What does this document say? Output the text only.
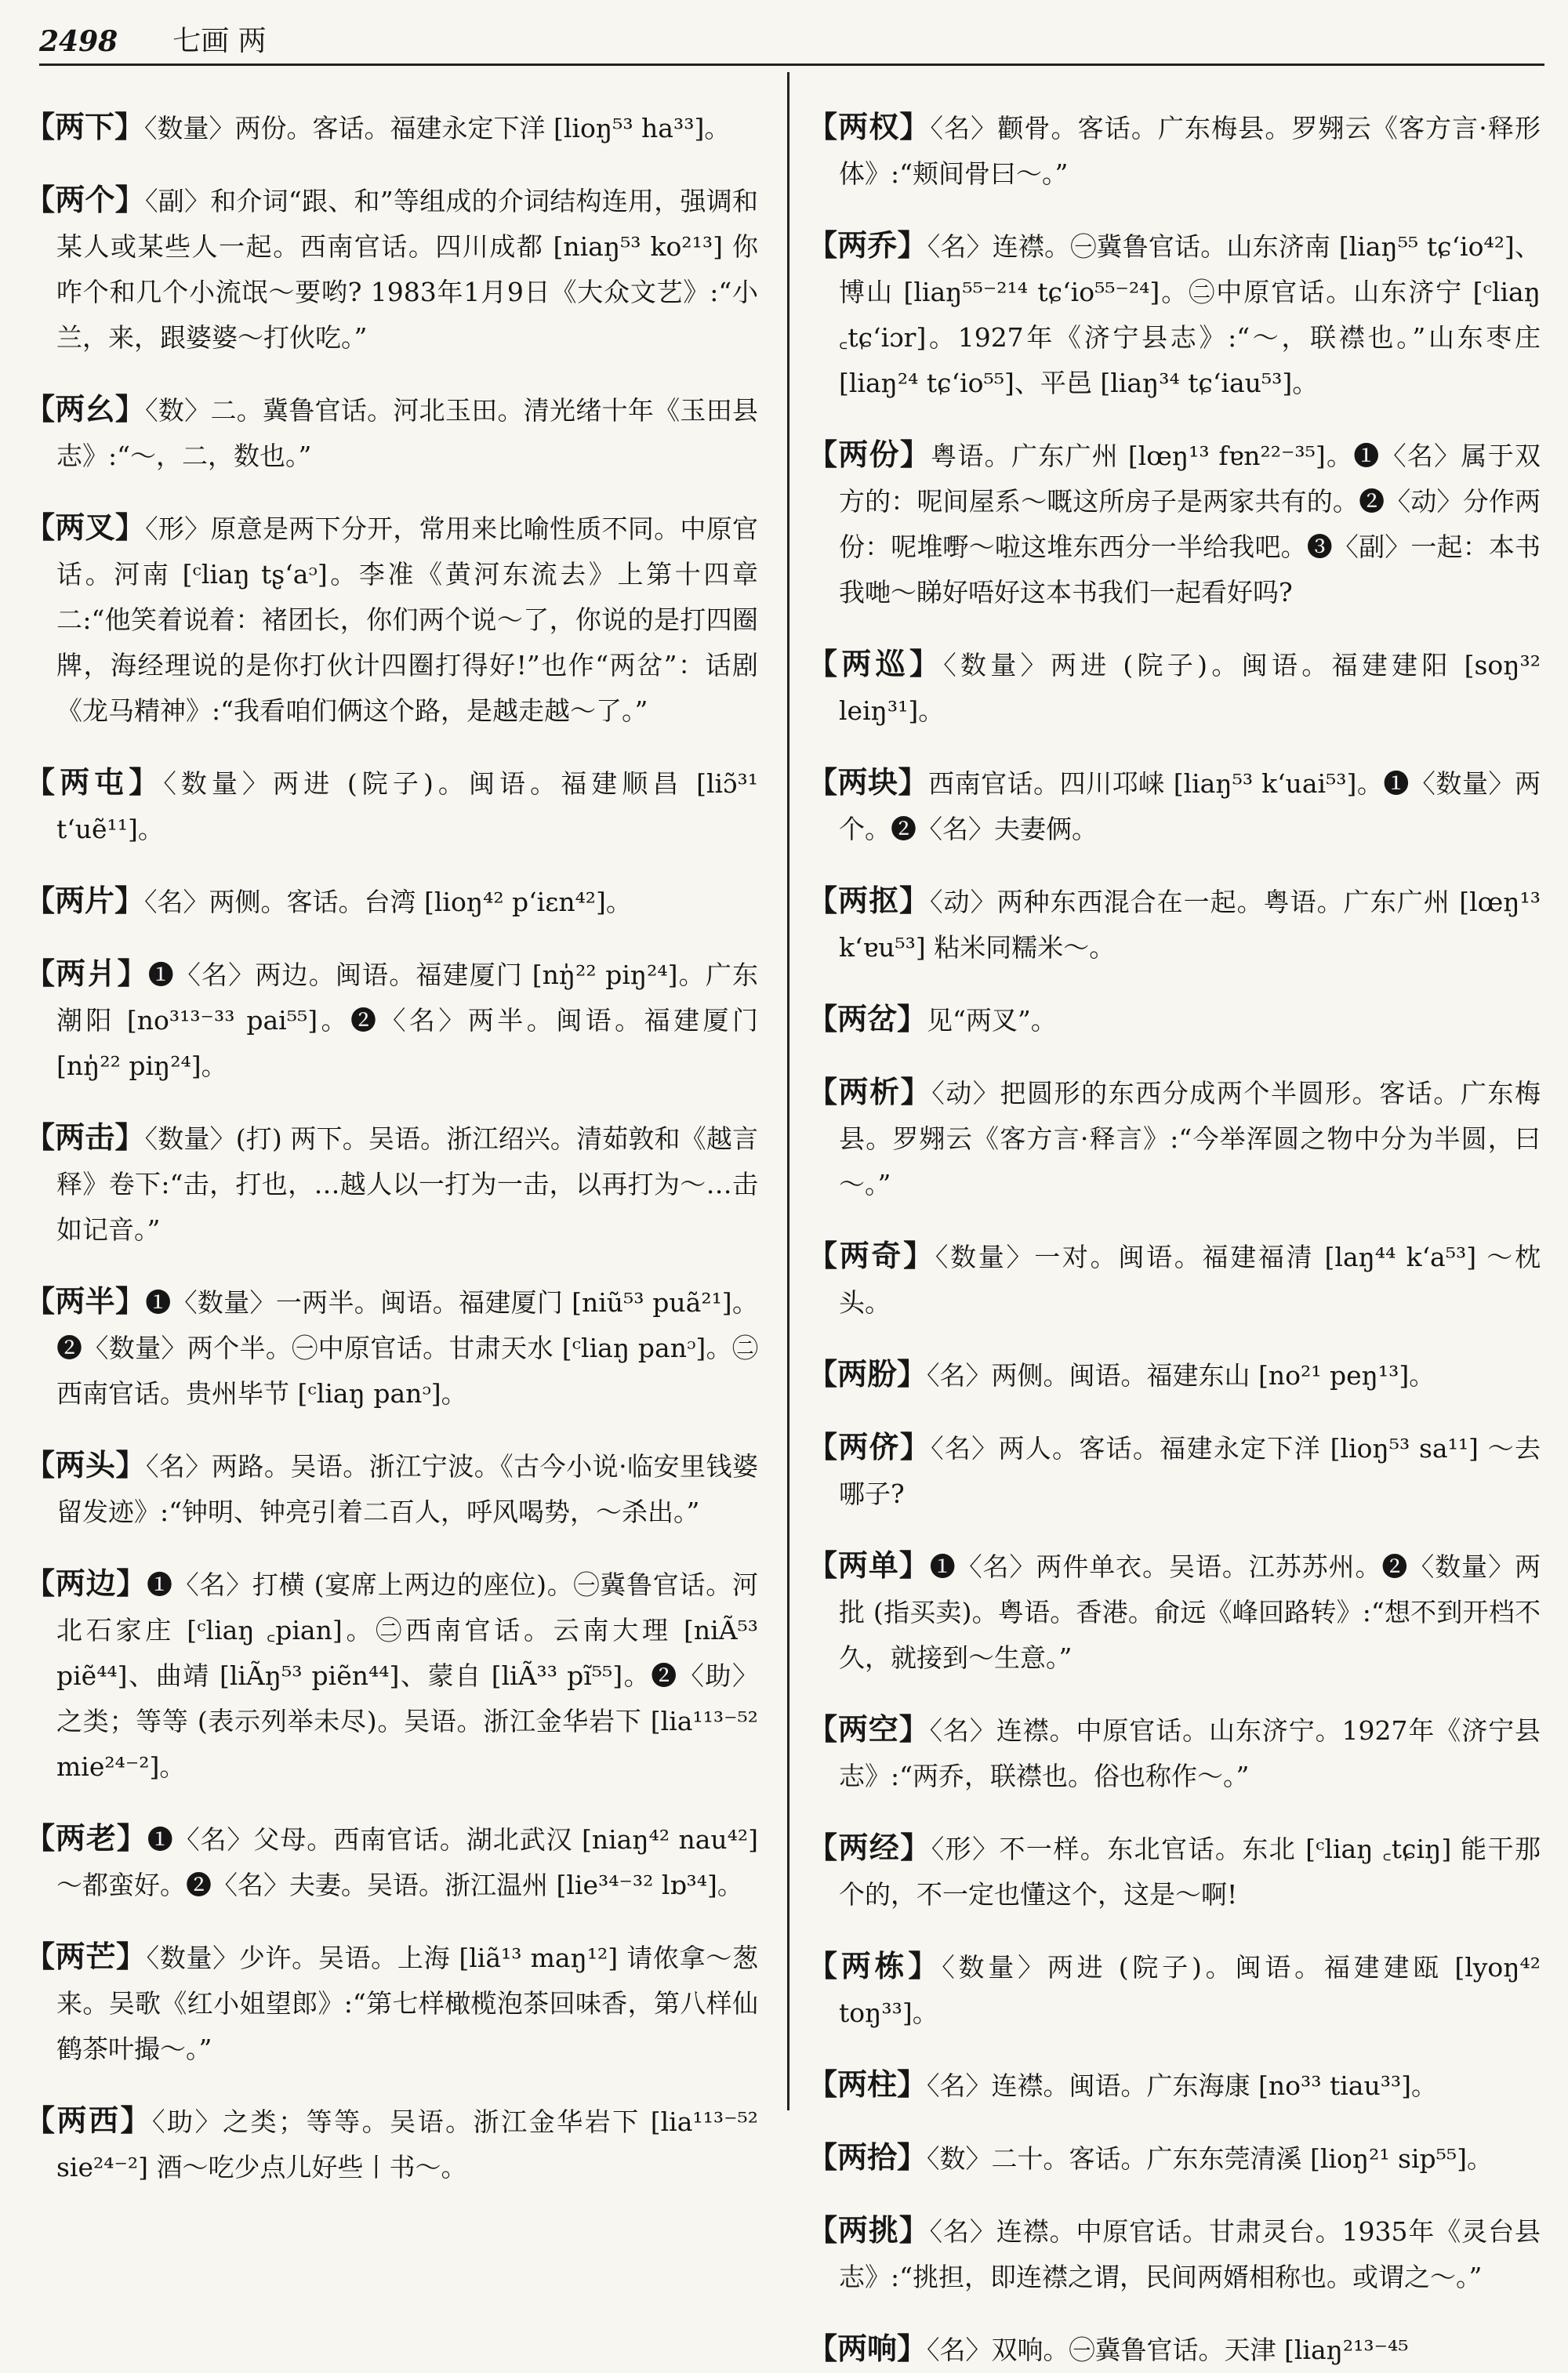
2498 七画 两

【两下】〈数量〉两份。客话。福建永定下洋 [lioŋ⁵³ ha³³]。

【两个】〈副〉和介词“跟、和”等组成的介词结构连用，强调和某人或某些人一起。西南官话。四川成都 [niaŋ⁵³ ko²¹³] 你咋个和几个小流氓～要哟? 1983年1月9日《大众文艺》:“小兰，来，跟婆婆～打伙吃。”

【两幺】〈数〉二。冀鲁官话。河北玉田。清光绪十年《玉田县志》:“～，二，数也。”

【两叉】〈形〉原意是两下分开，常用来比喻性质不同。中原官话。河南 [ᶜliaŋ tʂ‘aᵓ]。李准《黄河东流去》上第十四章二:“他笑着说着：褚团长，你们两个说～了，你说的是打四圈牌，海经理说的是你打伙计四圈打得好!”也作“两岔”：话剧《龙马精神》:“我看咱们俩这个路，是越走越～了。”

【两屯】〈数量〉两进 (院子)。闽语。福建顺昌 [liɔ̃³¹ t‘uẽ¹¹]。

【两片】〈名〉两侧。客话。台湾 [lioŋ⁴² p‘iɛn⁴²]。

【两爿】❶〈名〉两边。闽语。福建厦门 [nŋ̍²² piŋ²⁴]。广东潮阳 [no³¹³⁻³³ pai⁵⁵]。❷〈名〉两半。闽语。福建厦门 [nŋ̍²² piŋ²⁴]。

【两击】〈数量〉(打) 两下。吴语。浙江绍兴。清茹敦和《越言释》卷下:“击，打也，…越人以一打为一击，以再打为～…击如记音。”

【两半】❶〈数量〉一两半。闽语。福建厦门 [niũ⁵³ puã²¹]。❷〈数量〉两个半。㊀中原官话。甘肃天水 [ᶜliaŋ panᵓ]。㊁西南官话。贵州毕节 [ᶜliaŋ panᵓ]。

【两头】〈名〉两路。吴语。浙江宁波。《古今小说·临安里钱婆留发迹》:“钟明、钟亮引着二百人，呼风喝势，～杀出。”

【两边】❶〈名〉打横 (宴席上两边的座位)。㊀冀鲁官话。河北石家庄 [ᶜliaŋ ꜀pian]。㊁西南官话。云南大理 [niÃ⁵³ piẽ⁴⁴]、曲靖 [liÃŋ⁵³ piẽn⁴⁴]、蒙自 [liÃ³³ pĩ⁵⁵]。❷〈助〉之类；等等 (表示列举未尽)。吴语。浙江金华岩下 [lia¹¹³⁻⁵² mie²⁴⁻²]。

【两老】❶〈名〉父母。西南官话。湖北武汉 [niaŋ⁴² nau⁴²] ～都蛮好。❷〈名〉夫妻。吴语。浙江温州 [lie³⁴⁻³² lɒ³⁴]。

【两芒】〈数量〉少许。吴语。上海 [liã¹³ maŋ¹²] 请侬拿～葱来。吴歌《红小姐望郎》:“第七样橄榄泡茶回味香，第八样仙鹤茶叶撮～。”

【两西】〈助〉之类；等等。吴语。浙江金华岩下 [lia¹¹³⁻⁵² sie²⁴⁻²] 酒～吃少点儿好些丨书～。

【两权】〈名〉颧骨。客话。广东梅县。罗翙云《客方言·释形体》:“颊间骨曰～。”

【两乔】〈名〉连襟。㊀冀鲁官话。山东济南 [liaŋ⁵⁵ tɕ‘io⁴²]、博山 [liaŋ⁵⁵⁻²¹⁴ tɕ‘io⁵⁵⁻²⁴]。㊁中原官话。山东济宁 [ᶜliaŋ ꜀tɕ‘iɔr]。1927年《济宁县志》:“～，联襟也。”山东枣庄 [liaŋ²⁴ tɕ‘io⁵⁵]、平邑 [liaŋ³⁴ tɕ‘iau⁵³]。

【两份】粤语。广东广州 [lœŋ¹³ fɐn²²⁻³⁵]。❶〈名〉属于双方的：呢间屋系～嘅这所房子是两家共有的。❷〈动〉分作两份：呢堆嘢～啦这堆东西分一半给我吧。❸〈副〉一起：本书我哋～睇好唔好这本书我们一起看好吗?

【两巡】〈数量〉两进 (院子)。闽语。福建建阳 [soŋ³² leiŋ³¹]。

【两块】西南官话。四川邛崃 [liaŋ⁵³ k‘uai⁵³]。❶〈数量〉两个。❷〈名〉夫妻俩。

【两抠】〈动〉两种东西混合在一起。粤语。广东广州 [lœŋ¹³ k‘ɐu⁵³] 粘米同糯米～。

【两岔】见“两叉”。

【两析】〈动〉把圆形的东西分成两个半圆形。客话。广东梅县。罗翙云《客方言·释言》:“今举浑圆之物中分为半圆，曰～。”

【两奇】〈数量〉一对。闽语。福建福清 [laŋ⁴⁴ k‘a⁵³] ～枕头。

【两肦】〈名〉两侧。闽语。福建东山 [no²¹ peŋ¹³]。

【两侪】〈名〉两人。客话。福建永定下洋 [lioŋ⁵³ sa¹¹] ～去哪子?

【两单】❶〈名〉两件单衣。吴语。江苏苏州。❷〈数量〉两批 (指买卖)。粤语。香港。俞远《峰回路转》:“想不到开档不久，就接到～生意。”

【两空】〈名〉连襟。中原官话。山东济宁。1927年《济宁县志》:“两乔，联襟也。俗也称作～。”

【两经】〈形〉不一样。东北官话。东北 [ᶜliaŋ ꜀tɕiŋ] 能干那个的，不一定也懂这个，这是～啊!

【两栋】〈数量〉两进 (院子)。闽语。福建建瓯 [lyoŋ⁴² toŋ³³]。

【两柱】〈名〉连襟。闽语。广东海康 [no³³ tiau³³]。

【两拾】〈数〉二十。客话。广东东莞清溪 [lioŋ²¹ sip⁵⁵]。

【两挑】〈名〉连襟。中原官话。甘肃灵台。1935年《灵台县志》:“挑担，即连襟之谓，民间两婿相称也。或谓之～。”

【两响】〈名〉双响。㊀冀鲁官话。天津 [liaŋ²¹³⁻⁴⁵
